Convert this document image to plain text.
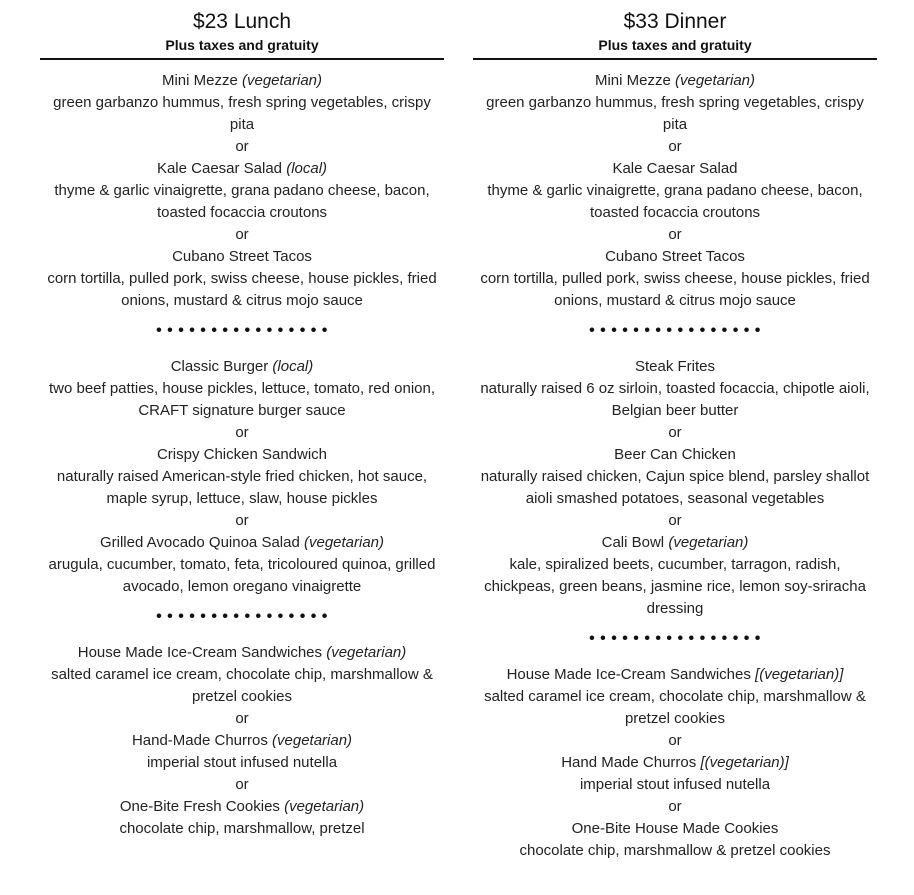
$23 Lunch
Plus taxes and gratuity
Mini Mezze (vegetarian)
green garbanzo hummus, fresh spring vegetables, crispy pita
or
Kale Caesar Salad (local)
thyme & garlic vinaigrette, grana padano cheese, bacon, toasted focaccia croutons
or
Cubano Street Tacos
corn tortilla, pulled pork, swiss cheese, house pickles, fried onions, mustard & citrus mojo sauce
• • • • • • • • • • • • • • • •
Classic Burger (local)
two beef patties, house pickles, lettuce, tomato, red onion, CRAFT signature burger sauce
or
Crispy Chicken Sandwich
naturally raised American-style fried chicken, hot sauce, maple syrup, lettuce, slaw, house pickles
or
Grilled Avocado Quinoa Salad (vegetarian)
arugula, cucumber, tomato, feta, tricoloured quinoa, grilled avocado, lemon oregano vinaigrette
• • • • • • • • • • • • • • • •
House Made Ice-Cream Sandwiches (vegetarian)
salted caramel ice cream, chocolate chip, marshmallow & pretzel cookies
or
Hand-Made Churros (vegetarian)
imperial stout infused nutella
or
One-Bite Fresh Cookies (vegetarian)
chocolate chip, marshmallow, pretzel
$33 Dinner
Plus taxes and gratuity
Mini Mezze (vegetarian)
green garbanzo hummus, fresh spring vegetables, crispy pita
or
Kale Caesar Salad
thyme & garlic vinaigrette, grana padano cheese, bacon, toasted focaccia croutons
or
Cubano Street Tacos
corn tortilla, pulled pork, swiss cheese, house pickles, fried onions, mustard & citrus mojo sauce
• • • • • • • • • • • • • • • •
Steak Frites
naturally raised 6 oz sirloin, toasted focaccia, chipotle aioli, Belgian beer butter
or
Beer Can Chicken
naturally raised chicken, Cajun spice blend, parsley shallot aioli smashed potatoes, seasonal vegetables
or
Cali Bowl (vegetarian)
kale, spiralized beets, cucumber, tarragon, radish, chickpeas, green beans, jasmine rice, lemon soy-sriracha dressing
• • • • • • • • • • • • • • • •
House Made Ice-Cream Sandwiches [(vegetarian)]
salted caramel ice cream, chocolate chip, marshmallow & pretzel cookies
or
Hand Made Churros [(vegetarian)]
imperial stout infused nutella
or
One-Bite House Made Cookies
chocolate chip, marshmallow & pretzel cookies
